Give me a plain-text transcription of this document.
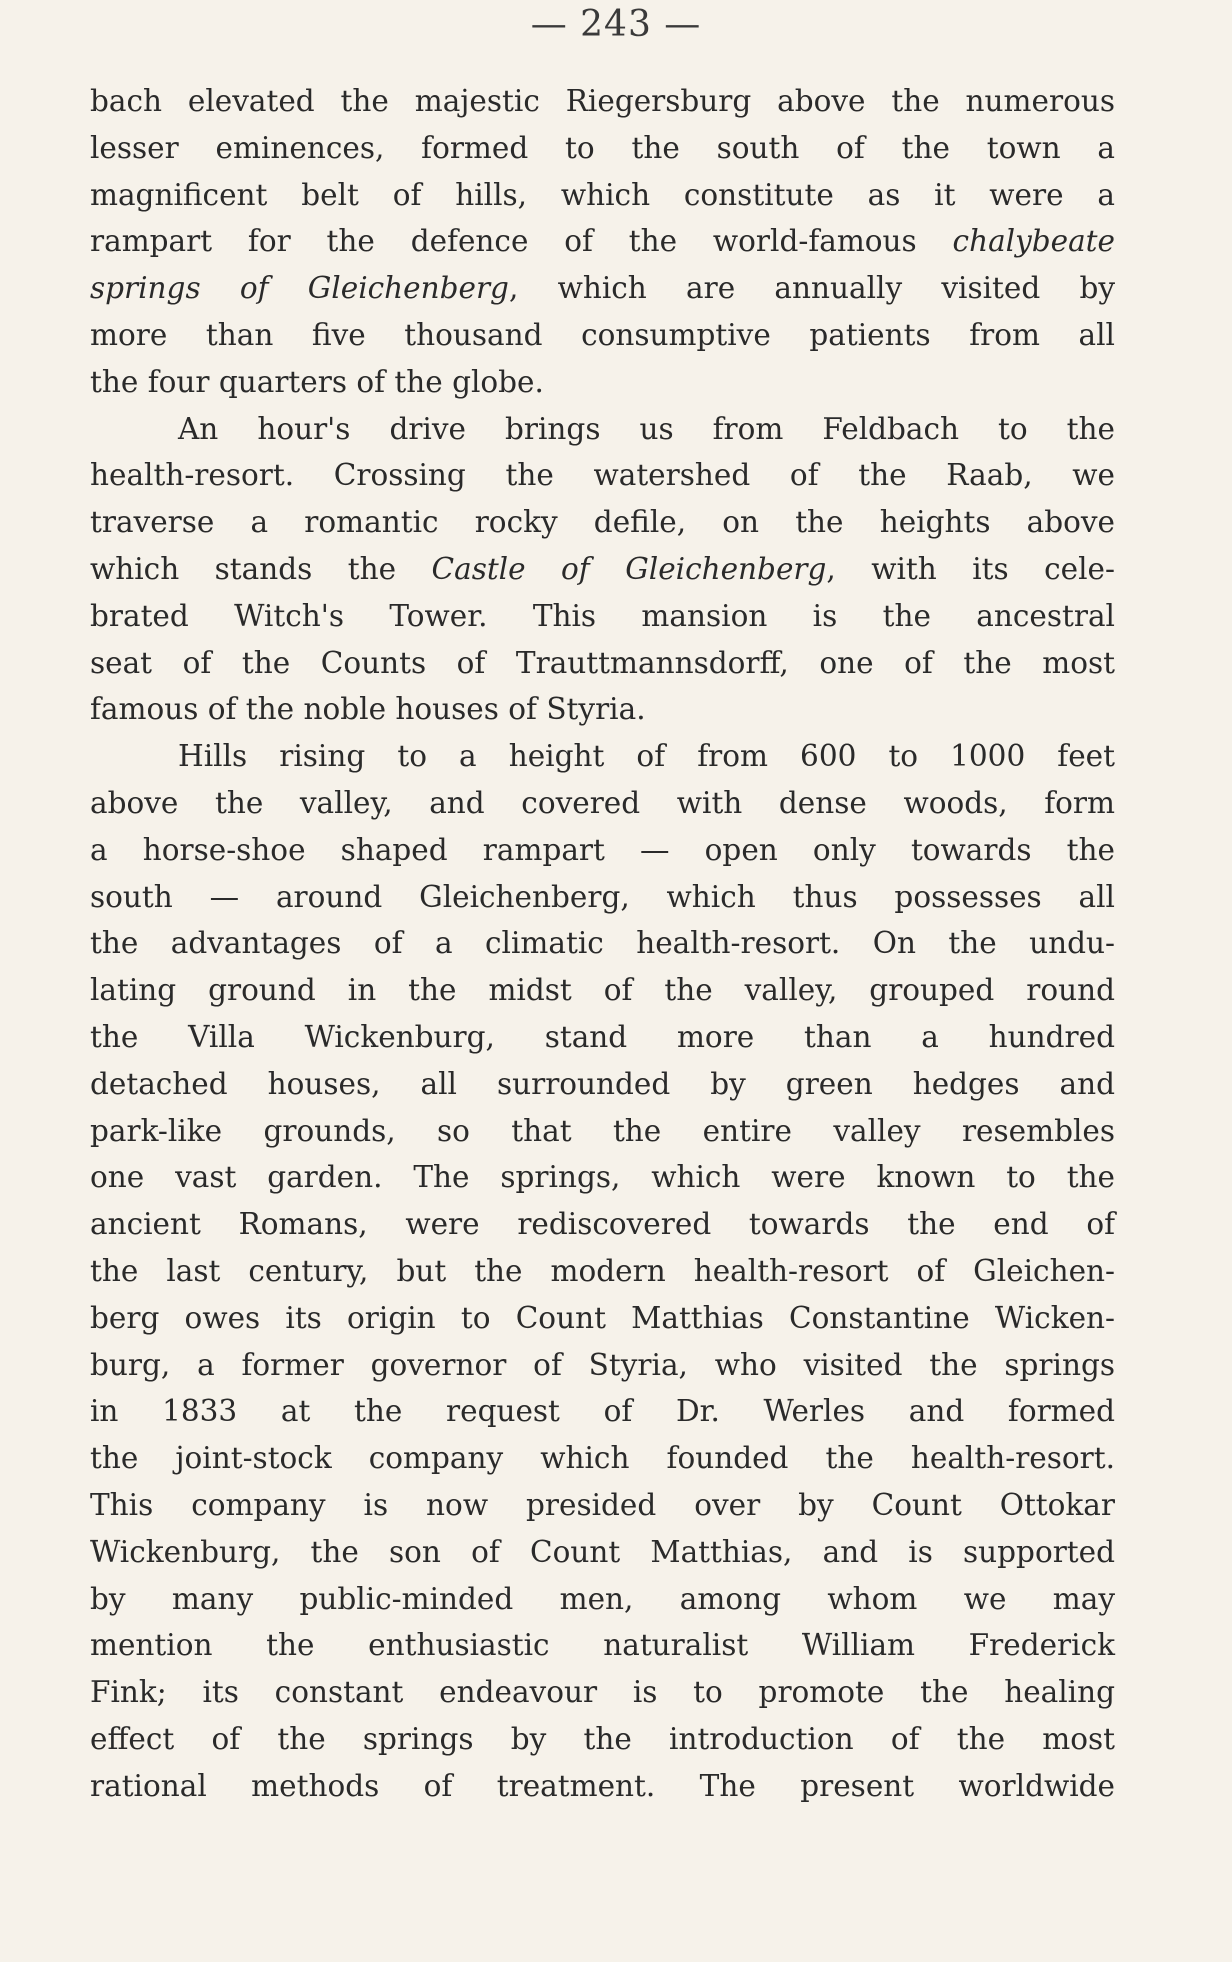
— 243 —
bach elevated the majestic Riegersburg above the numerous
lesser eminences, formed to the south of the town a
magnificent belt of hills, which constitute as it were a
rampart for the defence of the world-famous chalybeate
springs of Gleichenberg, which are annually visited by
more than five thousand consumptive patients from all
the four quarters of the globe.
An hour's drive brings us from Feldbach to the
health-resort. Crossing the watershed of the Raab, we
traverse a romantic rocky defile, on the heights above
which stands the Castle of Gleichenberg, with its cele-
brated Witch's Tower. This mansion is the ancestral
seat of the Counts of Trauttmannsdorff, one of the most
famous of the noble houses of Styria.
Hills rising to a height of from 600 to 1000 feet
above the valley, and covered with dense woods, form
a horse-shoe shaped rampart — open only towards the
south — around Gleichenberg, which thus possesses all
the advantages of a climatic health-resort. On the undu-
lating ground in the midst of the valley, grouped round
the Villa Wickenburg, stand more than a hundred
detached houses, all surrounded by green hedges and
park-like grounds, so that the entire valley resembles
one vast garden. The springs, which were known to the
ancient Romans, were rediscovered towards the end of
the last century, but the modern health-resort of Gleichen-
berg owes its origin to Count Matthias Constantine Wicken-
burg, a former governor of Styria, who visited the springs
in 1833 at the request of Dr. Werles and formed
the joint-stock company which founded the health-resort.
This company is now presided over by Count Ottokar
Wickenburg, the son of Count Matthias, and is supported
by many public-minded men, among whom we may
mention the enthusiastic naturalist William Frederick
Fink; its constant endeavour is to promote the healing
effect of the springs by the introduction of the most
rational methods of treatment. The present worldwide
